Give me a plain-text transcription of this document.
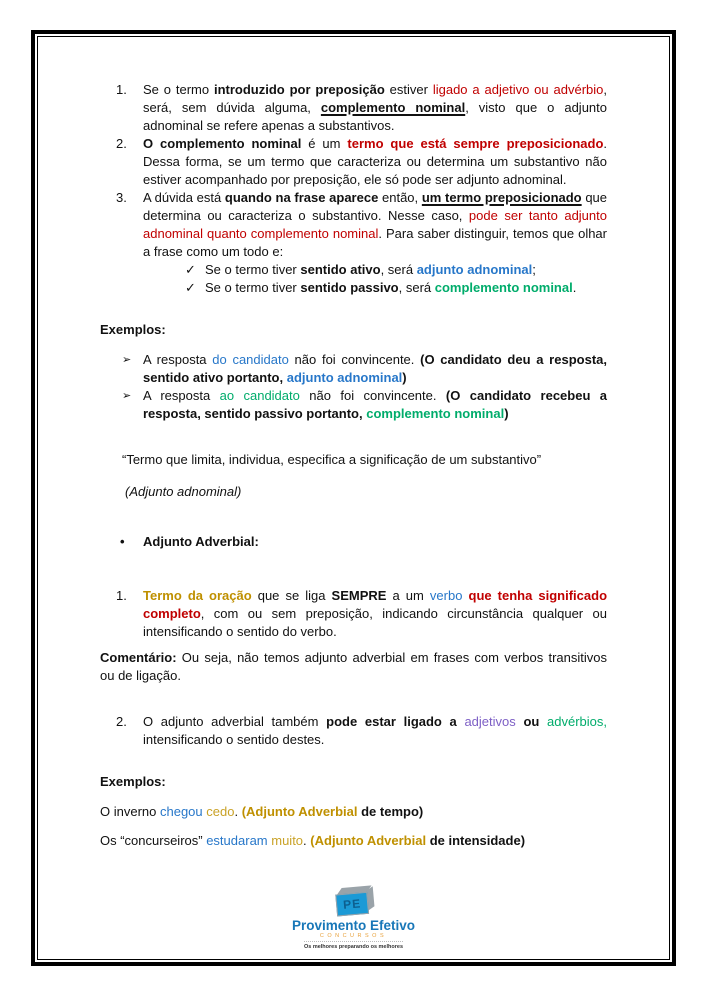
1.	Se o termo introduzido por preposição estiver ligado a adjetivo ou advérbio, será, sem dúvida alguma, complemento nominal, visto que o adjunto adnominal se refere apenas a substantivos.
2.	O complemento nominal é um termo que está sempre preposicionado. Dessa forma, se um termo que caracteriza ou determina um substantivo não estiver acompanhado por preposição, ele só pode ser adjunto adnominal.
3.	A dúvida está quando na frase aparece então, um termo preposicionado que determina ou caracteriza o substantivo. Nesse caso, pode ser tanto adjunto adnominal quanto complemento nominal. Para saber distinguir, temos que olhar a frase como um todo e:
✓ Se o termo tiver sentido ativo, será adjunto adnominal;
✓ Se o termo tiver sentido passivo, será complemento nominal.
Exemplos:
➢ A resposta do candidato não foi convincente. (O candidato deu a resposta, sentido ativo portanto, adjunto adnominal)
➢ A resposta ao candidato não foi convincente. (O candidato recebeu a resposta, sentido passivo portanto, complemento nominal)
“Termo que limita, individua, especifica a significação de um substantivo”
(Adjunto adnominal)
•	Adjunto Adverbial:
1.	Termo da oração que se liga SEMPRE a um verbo que tenha significado completo, com ou sem preposição, indicando circunstância qualquer ou intensificando o sentido do verbo.
Comentário: Ou seja, não temos adjunto adverbial em frases com verbos transitivos ou de ligação.
2.	O adjunto adverbial também pode estar ligado a adjetivos ou advérbios, intensificando o sentido destes.
Exemplos:
O inverno chegou cedo. (Adjunto Adverbial de tempo)
Os “concurseiros” estudaram muito. (Adjunto Adverbial de intensidade)
PE
Provimento Efetivo
CONCURSOS
Os melhores preparando os melhores
